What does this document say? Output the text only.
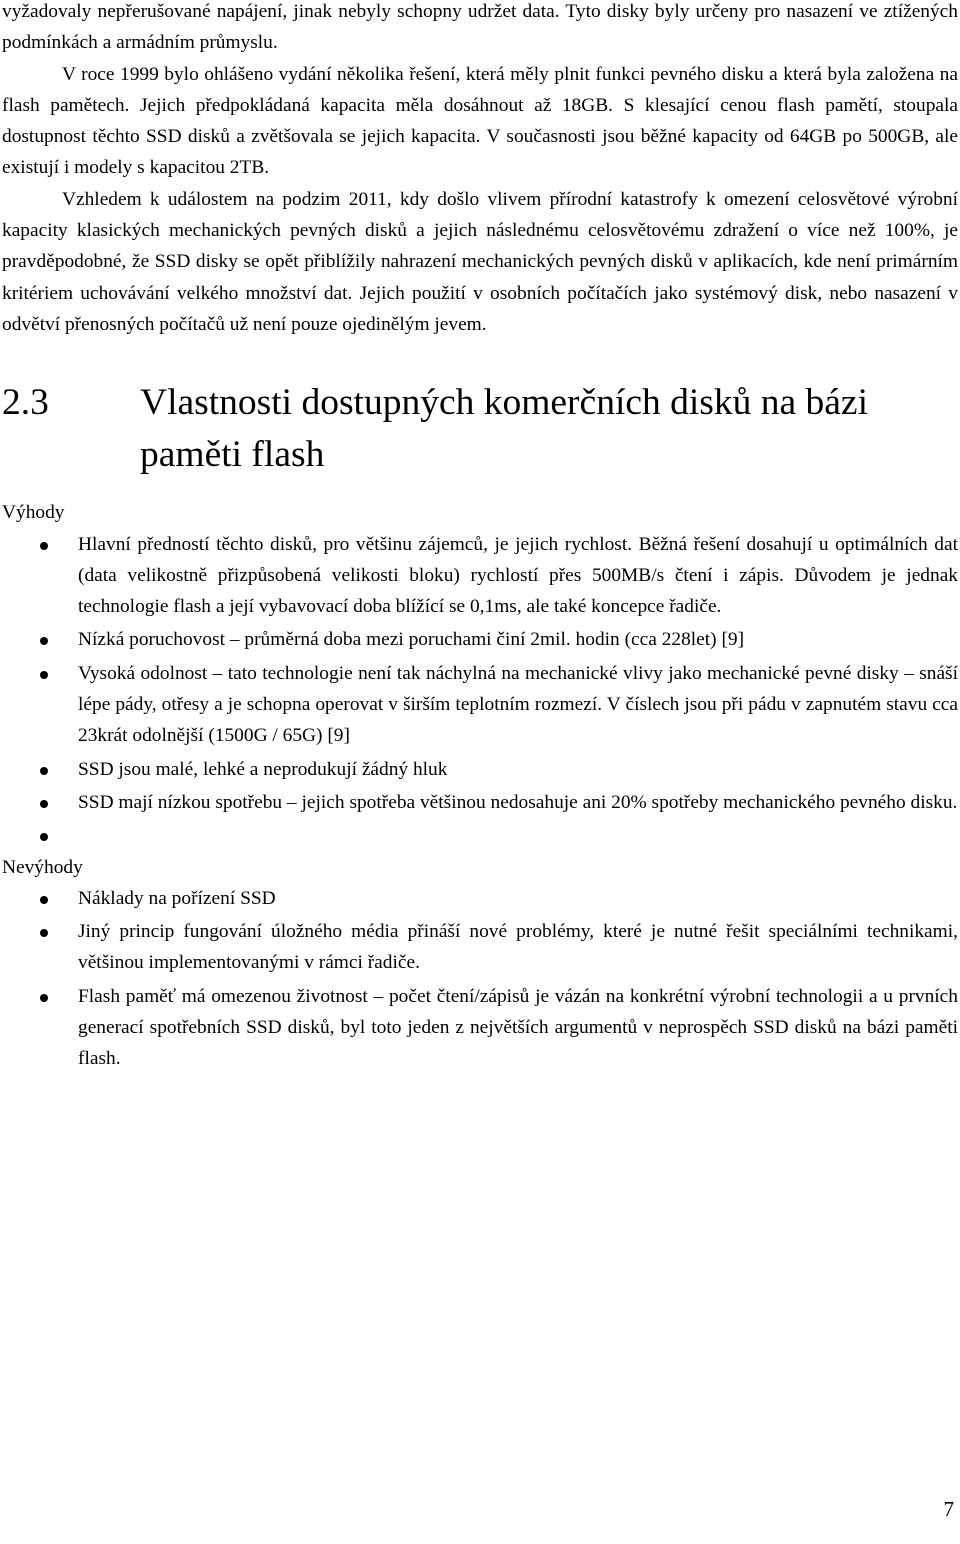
vyžadovaly nepřerušované napájení, jinak nebyly schopny udržet data. Tyto disky byly určeny pro nasazení ve ztížených podmínkách a armádním průmyslu.

V roce 1999 bylo ohlášeno vydání několika řešení, která měly plnit funkci pevného disku a která byla založena na flash pamětech. Jejich předpokládaná kapacita měla dosáhnout až 18GB. S klesající cenou flash pamětí, stoupala dostupnost těchto SSD disků a zvětšovala se jejich kapacita. V současnosti jsou běžné kapacity od 64GB po 500GB, ale existují i modely s kapacitou 2TB.

Vzhledem k událostem na podzim 2011, kdy došlo vlivem přírodní katastrofy k omezení celosvětové výrobní kapacity klasických mechanických pevných disků a jejich následnému celosvětovému zdražení o více než 100%, je pravděpodobné, že SSD disky se opět přiblížily nahrazení mechanických pevných disků v aplikacích, kde není primárním kritériem uchovávání velkého množství dat. Jejich použití v osobních počítačích jako systémový disk, nebo nasazení v odvětví přenosných počítačů už není pouze ojedinělým jevem.

2.3	Vlastnosti dostupných komerčních disků na bázi paměti flash

Výhody

Hlavní předností těchto disků, pro většinu zájemců, je jejich rychlost. Běžná řešení dosahují u optimálních dat (data velikostně přizpůsobená velikosti bloku) rychlostí přes 500MB/s čtení i zápis. Důvodem je jednak technologie flash a její vybavovací doba blížící se 0,1ms, ale také koncepce řadiče.
Nízká poruchovost – průměrná doba mezi poruchami činí 2mil. hodin (cca 228let) [9]
Vysoká odolnost – tato technologie není tak náchylná na mechanické vlivy jako mechanické pevné disky – snáší lépe pády, otřesy a je schopna operovat v širším teplotním rozmezí. V číslech jsou při pádu v zapnutém stavu cca 23krát odolnější (1500G / 65G) [9]
SSD jsou malé, lehké a neprodukují žádný hluk
SSD mají nízkou spotřebu – jejich spotřeba většinou nedosahuje ani 20% spotřeby mechanického pevného disku.

Nevýhody

Náklady na pořízení SSD
Jiný princip fungování úložného média přináší nové problémy, které je nutné řešit speciálními technikami, většinou implementovanými v rámci řadiče.
Flash paměť má omezenou životnost – počet čtení/zápisů je vázán na konkrétní výrobní technologii a u prvních generací spotřebních SSD disků, byl toto jeden z největších argumentů v neprospěch SSD disků na bázi paměti flash.
7
